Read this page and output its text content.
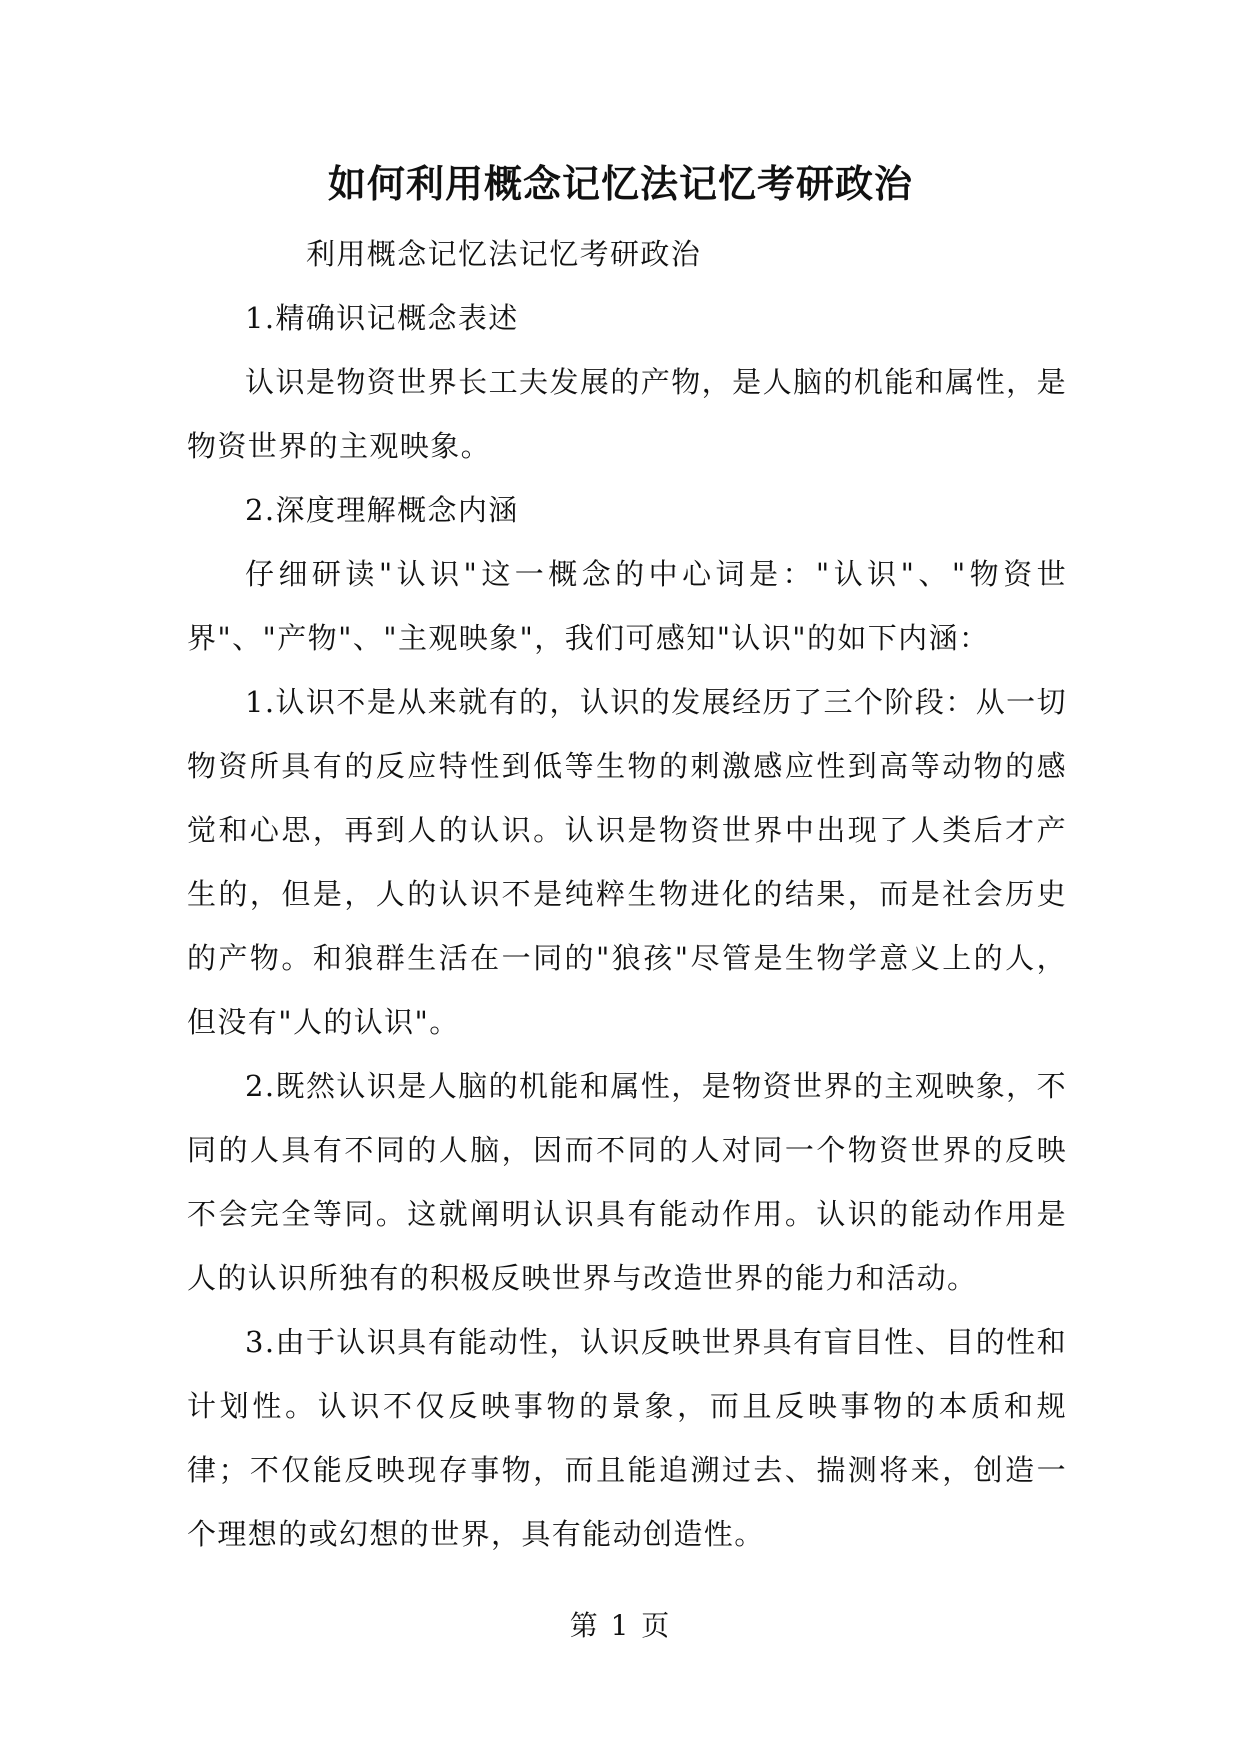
如何利用概念记忆法记忆考研政治

利用概念记忆法记忆考研政治

1.精确识记概念表述

认识是物资世界长工夫发展的产物，是人脑的机能和属性，是物资世界的主观映象。

2.深度理解概念内涵

仔细研读"认识"这一概念的中心词是："认识"、"物资世界"、"产物"、"主观映象"，我们可感知"认识"的如下内涵：

1.认识不是从来就有的，认识的发展经历了三个阶段：从一切物资所具有的反应特性到低等生物的刺激感应性到高等动物的感觉和心思，再到人的认识。认识是物资世界中出现了人类后才产生的，但是，人的认识不是纯粹生物进化的结果，而是社会历史的产物。和狼群生活在一同的"狼孩"尽管是生物学意义上的人，但没有"人的认识"。

2.既然认识是人脑的机能和属性，是物资世界的主观映象，不同的人具有不同的人脑，因而不同的人对同一个物资世界的反映不会完全等同。这就阐明认识具有能动作用。认识的能动作用是人的认识所独有的积极反映世界与改造世界的能力和活动。

3.由于认识具有能动性，认识反映世界具有盲目性、目的性和计划性。认识不仅反映事物的景象，而且反映事物的本质和规律；不仅能反映现存事物，而且能追溯过去、揣测将来，创造一个理想的或幻想的世界，具有能动创造性。

第 1 页
